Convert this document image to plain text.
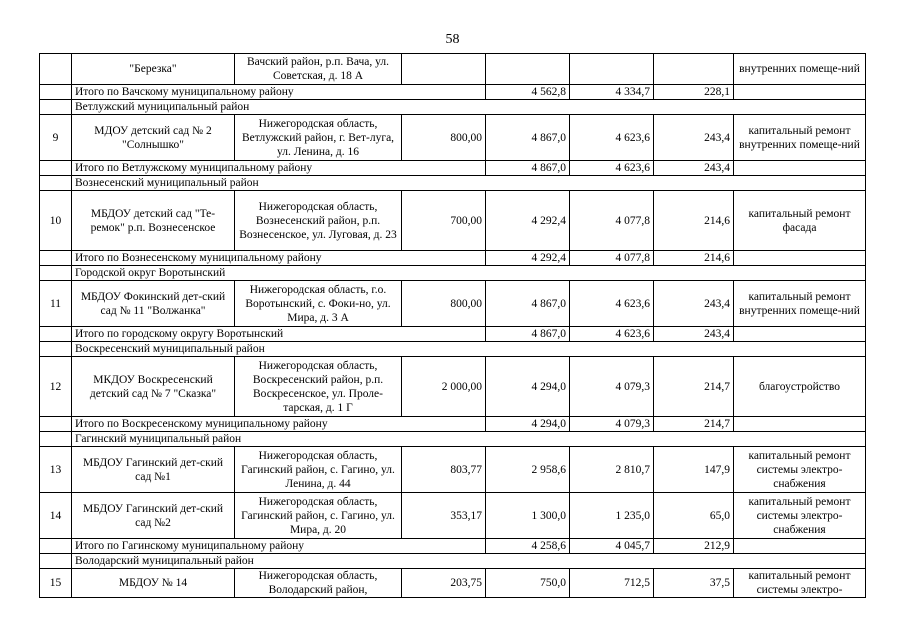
58
	"Березка"	Вачский район, р.п. Вача, ул. Советская, д. 18 А					внутренних помеще-ний
	Итого по Вачскому муниципальному району			4 562,8	4 334,7	228,1	
	Ветлужский муниципальный район						
9	МДОУ детский сад № 2 "Солнышко"	Нижегородская область, Ветлужский район, г. Вет-луга, ул. Ленина, д. 16	800,00	4 867,0	4 623,6	243,4	капитальный ремонт внутренних помеще-ний
	Итого по Ветлужскому муниципальному району			4 867,0	4 623,6	243,4	
	Вознесенский муниципальный район						
10	МБДОУ детский сад "Те-ремок" р.п. Вознесенское	Нижегородская область, Вознесенский район, р.п. Вознесенское, ул. Луговая, д. 23	700,00	4 292,4	4 077,8	214,6	капитальный ремонт фасада
	Итого по Вознесенскому муниципальному району			4 292,4	4 077,8	214,6	
	Городской округ Воротынский						
11	МБДОУ Фокинский дет-ский сад № 11 "Волжанка"	Нижегородская область, г.о. Воротынский, с. Фоки-но, ул. Мира, д. 3 А	800,00	4 867,0	4 623,6	243,4	капитальный ремонт внутренних помеще-ний
	Итого по городскому округу Воротынский			4 867,0	4 623,6	243,4	
	Воскресенский муниципальный район						
12	МКДОУ Воскресенский детский сад № 7 "Сказка"	Нижегородская область, Воскресенский район, р.п. Воскресенское, ул. Проле-тарская, д. 1 Г	2 000,00	4 294,0	4 079,3	214,7	благоустройство
	Итого по Воскресенскому муниципальному району			4 294,0	4 079,3	214,7	
	Гагинский муниципальный район						
13	МБДОУ Гагинский дет-ский сад №1	Нижегородская область, Гагинский район, с. Гагино, ул. Ленина, д. 44	803,77	2 958,6	2 810,7	147,9	капитальный ремонт системы электро-снабжения
14	МБДОУ Гагинский дет-ский сад №2	Нижегородская область, Гагинский район, с. Гагино, ул. Мира, д. 20	353,17	1 300,0	1 235,0	65,0	капитальный ремонт системы электро-снабжения
	Итого по Гагинскому муниципальному району			4 258,6	4 045,7	212,9	
	Володарский муниципальный район						
15	МБДОУ № 14	Нижегородская область, Володарский район,	203,75	750,0	712,5	37,5	капитальный ремонт системы электро-
